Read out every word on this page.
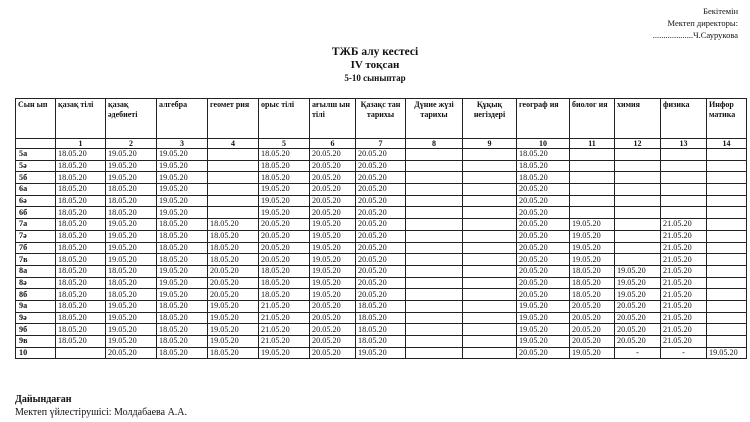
Бекітемін
Мектеп директоры:
...................Ч.Саурукова
ТЖБ алу кестесі
IV тоқсан
5-10 сыныптар
Сын ып	қазақ тілі	қазақ әдебиеті	алгебра	геомет рия	орыс тілі	ағылш ын тілі	Қазақс тан тарихы	Дүние жүзі тарихы	Құқық негіздері	географ ия	биолог ия	химия	физика	Инфор матика
	1	2	3	4	5	6	7	8	9	10	11	12	13	14
5а	18.05.20	19.05.20	19.05.20		18.05.20	20.05.20	20.05.20			18.05.20				
5ә	18.05.20	19.05.20	19.05.20		18.05.20	20.05.20	20.05.20			18.05.20				
5б	18.05.20	19.05.20	19.05.20		18.05.20	20.05.20	20.05.20			18.05.20				
6а	18.05.20	18.05.20	19.05.20		19.05.20	20.05.20	20.05.20			20.05.20				
6ә	18.05.20	18.05.20	19.05.20		19.05.20	20.05.20	20.05.20			20.05.20				
6б	18.05.20	18.05.20	19.05.20		19.05.20	20.05.20	20.05.20			20.05.20				
7а	18.05.20	19.05.20	18.05.20	18.05.20	20.05.20	19.05.20	20.05.20			20.05.20	19.05.20		21.05.20	
7ә	18.05.20	19.05.20	18.05.20	18.05.20	20.05.20	19.05.20	20.05.20			20.05.20	19.05.20		21.05.20	
7б	18.05.20	19.05.20	18.05.20	18.05.20	20.05.20	19.05.20	20.05.20			20.05.20	19.05.20		21.05.20	
7в	18.05.20	19.05.20	18.05.20	18.05.20	20.05.20	19.05.20	20.05.20			20.05.20	19.05.20		21.05.20	
8а	18.05.20	18.05.20	19.05.20	20.05.20	18.05.20	19.05.20	20.05.20			20.05.20	18.05.20	19.05.20	21.05.20	
8ә	18.05.20	18.05.20	19.05.20	20.05.20	18.05.20	19.05.20	20.05.20			20.05.20	18.05.20	19.05.20	21.05.20	
8б	18.05.20	18.05.20	19.05.20	20.05.20	18.05.20	19.05.20	20.05.20			20.05.20	18.05.20	19.05.20	21.05.20	
9а	18.05.20	19.05.20	18.05.20	19.05.20	21.05.20	20.05.20	18.05.20			19.05.20	20.05.20	20.05.20	21.05.20	
9ә	18.05.20	19.05.20	18.05.20	19.05.20	21.05.20	20.05.20	18.05.20			19.05.20	20.05.20	20.05.20	21.05.20	
9б	18.05.20	19.05.20	18.05.20	19.05.20	21.05.20	20.05.20	18.05.20			19.05.20	20.05.20	20.05.20	21.05.20	
9в	18.05.20	19.05.20	18.05.20	19.05.20	21.05.20	20.05.20	18.05.20			19.05.20	20.05.20	20.05.20	21.05.20	
10		20.05.20	18.05.20	18.05.20	19.05.20	20.05.20	19.05.20			20.05.20	19.05.20	-	-	19.05.20
Дайындаған
Мектеп үйлестірушісі: Молдабаева А.А.
